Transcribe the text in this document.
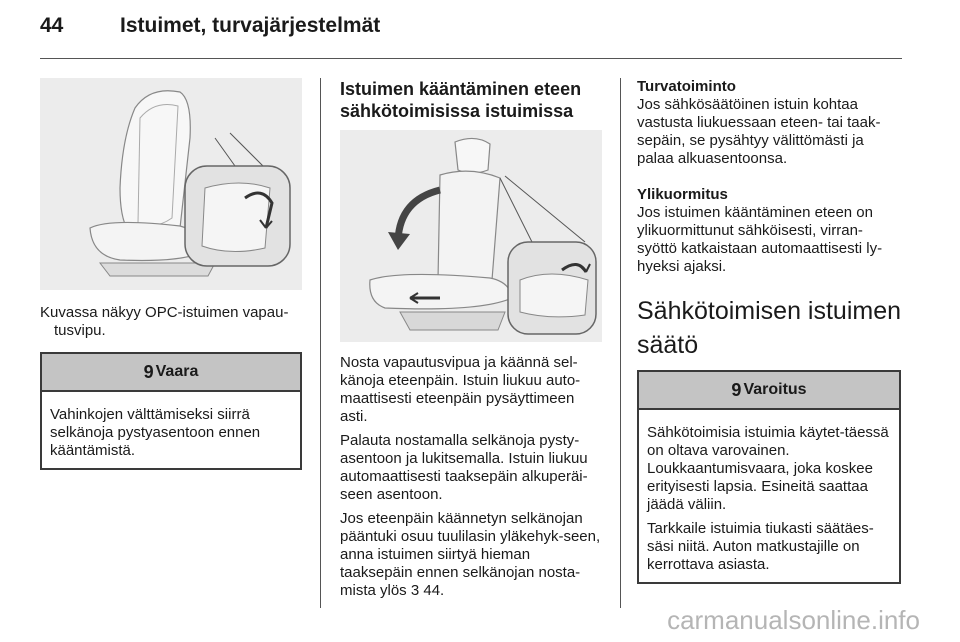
44	Istuimet, turvajärjestelmät

Kuvassa näkyy OPC-istuimen vapau-

tusvipu.

9 Vaara

Vahinkojen välttämiseksi siirrä selkänoja pystyasentoon ennen kääntämistä.

Istuimen kääntäminen eteen
sähkötoimisissa istuimissa

Nosta vapautusvipua ja käännä sel-känoja eteenpäin. Istuin liukuu auto-maattisesti eteenpäin pysäyttimeen asti.

Palauta nostamalla selkänoja pysty-asentoon ja lukitsemalla. Istuin liukuu automaattisesti taaksepäin alkuperäi-seen asentoon.

Jos eteenpäin käännetyn selkänojan pääntuki osuu tuulilasin yläkehyk-seen, anna istuimen siirtyä hieman taaksepäin ennen selkänojan nosta-mista ylös 3 44.

Turvatoiminto

Jos sähkösäätöinen istuin kohtaa vastusta liukuessaan eteen- tai taak-sepäin, se pysähtyy välittömästi ja palaa alkuasentoonsa.

Ylikuormitus

Jos istuimen kääntäminen eteen on ylikuormittunut sähköisesti, virran-syöttö katkaistaan automaattisesti ly-hyeksi ajaksi.

Sähkötoimisen istuimen
säätö
9 Varoitus

Sähkötoimisia istuimia käytet-täessä on oltava varovainen. Loukkaantumisvaara, joka koskee erityisesti lapsia. Esineitä saattaa jäädä väliin.

Tarkkaile istuimia tiukasti säätäes-säsi niitä. Auton matkustajille on kerrottava asiasta.

carmanualsonline.info
